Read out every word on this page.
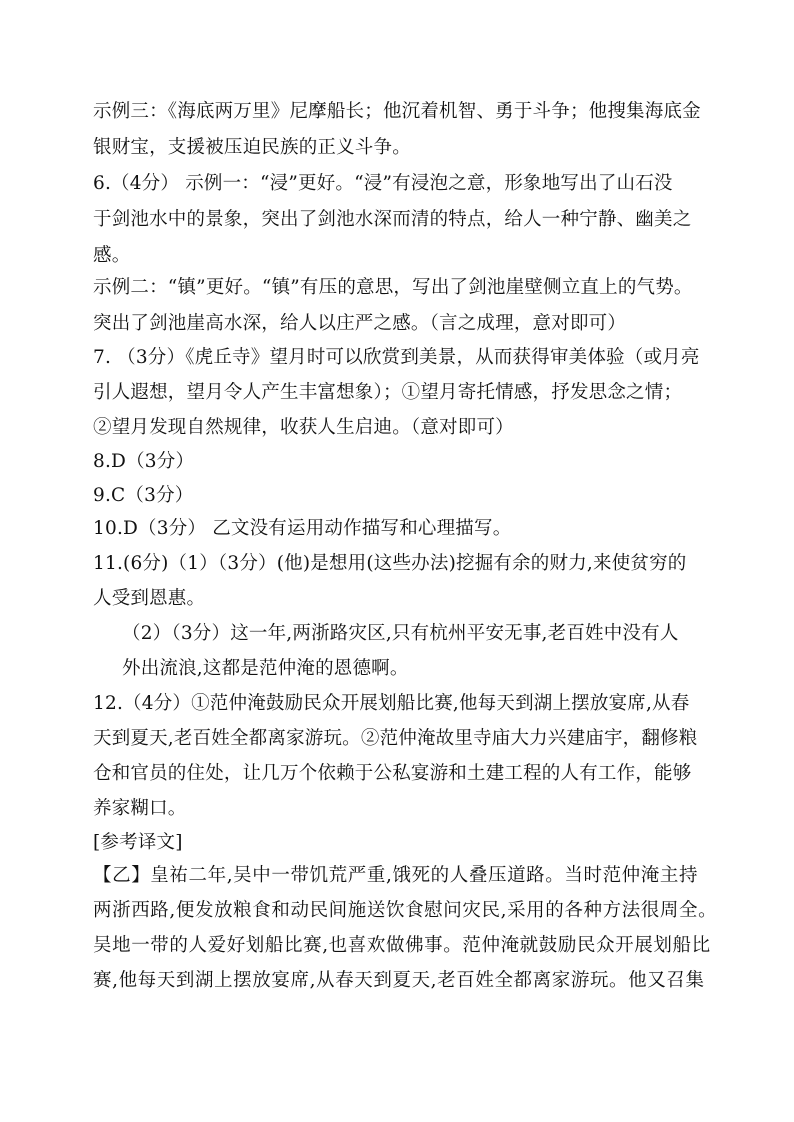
示例三：《海底两万里》尼摩船长；他沉着机智、勇于斗争；他搜集海底金
银财宝，支援被压迫民族的正义斗争。
6.（4分） 示例一：“浸”更好。“浸”有浸泡之意，形象地写出了山石没
于剑池水中的景象，突出了剑池水深而清的特点，给人一种宁静、幽美之
感。
示例二：“镇”更好。“镇”有压的意思，写出了剑池崖壁侧立直上的气势。
突出了剑池崖高水深，给人以庄严之感。（言之成理，意对即可）
7. （3分）《虎丘寺》望月时可以欣赏到美景，从而获得审美体验（或月亮
引人遐想，望月令人产生丰富想象）；①望月寄托情感，抒发思念之情；
②望月发现自然规律，收获人生启迪。（意对即可）
8.D（3分）
9.C（3分）
10.D（3分） 乙文没有运用动作描写和心理描写。
11.(6分)（1）（3分）(他)是想用(这些办法)挖掘有余的财力,来使贫穷的
人受到恩惠。
（2）（3分）这一年,两浙路灾区,只有杭州平安无事,老百姓中没有人
外出流浪,这都是范仲淹的恩德啊。
12.（4分）①范仲淹鼓励民众开展划船比赛,他每天到湖上摆放宴席,从春
天到夏天,老百姓全都离家游玩。②范仲淹故里寺庙大力兴建庙宇，翻修粮
仓和官员的住处，让几万个依赖于公私宴游和土建工程的人有工作，能够
养家糊口。
[参考译文]
【乙】皇祐二年,吴中一带饥荒严重,饿死的人叠压道路。当时范仲淹主持
两浙西路,便发放粮食和动民间施送饮食慰问灾民,采用的各种方法很周全。
吴地一带的人爱好划船比赛,也喜欢做佛事。范仲淹就鼓励民众开展划船比
赛,他每天到湖上摆放宴席,从春天到夏天,老百姓全都离家游玩。他又召集
